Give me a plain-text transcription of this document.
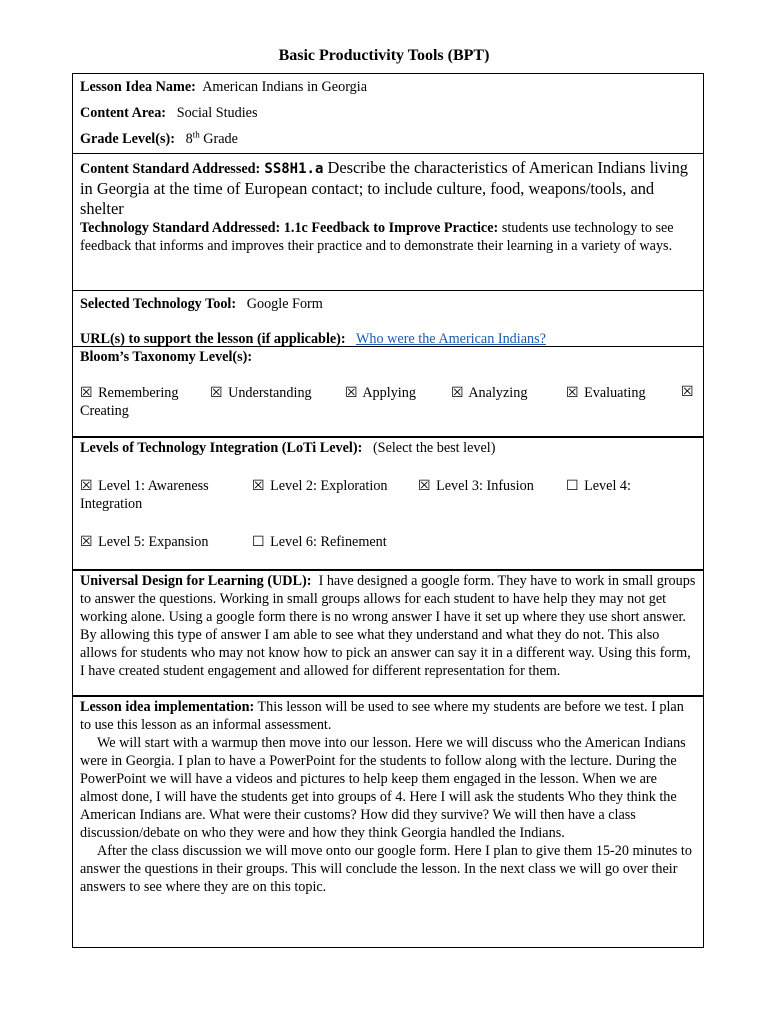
Basic Productivity Tools (BPT)
Lesson Idea Name: American Indians in Georgia
Content Area: Social Studies
Grade Level(s): 8th Grade

Content Standard Addressed: SS8H1.a Describe the characteristics of American Indians living in Georgia at the time of European contact; to include culture, food, weapons/tools, and shelter

Technology Standard Addressed: 1.1c Feedback to Improve Practice: students use technology to see feedback that informs and improves their practice and to demonstrate their learning in a variety of ways.

Selected Technology Tool: Google Form
URL(s) to support the lesson (if applicable): Who were the American Indians?
Bloom’s Taxonomy Level(s):
☒ Remembering ☒ Understanding ☒ Applying	☒ Analyzing	☒ Evaluating	☒
Creating
Levels of Technology Integration (LoTi Level): (Select the best level)
☒ Level 1: Awareness	☒ Level 2: Exploration ☒ Level 3: Infusion ☐ Level 4:
Integration
☒ Level 5: Expansion	☐ Level 6: Refinement

Universal Design for Learning (UDL): I have designed a google form. They have to work in small groups to answer the questions. Working in small groups allows for each student to have help they may not get working alone. Using a google form there is no wrong answer I have it set up where they use short answer. By allowing this type of answer I am able to see what they understand and what they do not. This also allows for students who may not know how to pick an answer can say it in a different way. Using this form, I have created student engagement and allowed for different representation for them.

Lesson idea implementation: This lesson will be used to see where my students are before we test. I plan to use this lesson as an informal assessment.

We will start with a warmup then move into our lesson. Here we will discuss who the American Indians were in Georgia. I plan to have a PowerPoint for the students to follow along with the lecture. During the PowerPoint we will have a videos and pictures to help keep them engaged in the lesson. When we are almost done, I will have the students get into groups of 4. Here I will ask the students Who they think the American Indians are. What were their customs? How did they survive? We will then have a class discussion/debate on who they were and how they think Georgia handled the Indians.

After the class discussion we will move onto our google form. Here I plan to give them 15-20 minutes to answer the questions in their groups. This will conclude the lesson. In the next class we will go over their answers to see where they are on this topic.
